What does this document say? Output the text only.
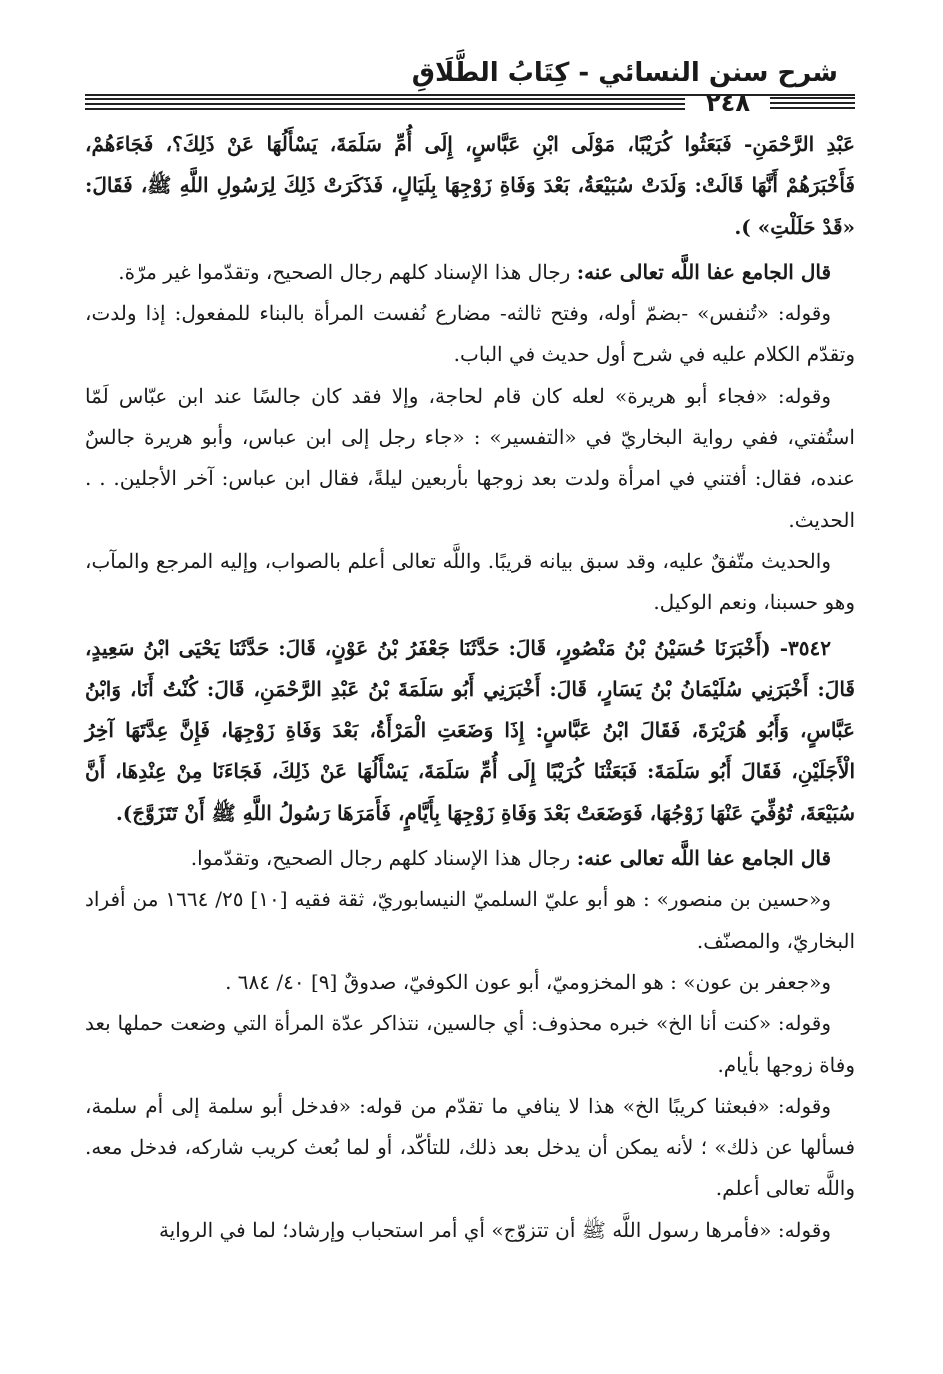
شرح سنن النسائي - كِتَابُ الطَّلَاقِ
٢٤٨

عَبْدِ الرَّحْمَنِ- فَبَعَثُوا كُرَيْبًا، مَوْلَى ابْنِ عَبَّاسٍ، إِلَى أُمِّ سَلَمَةَ، يَسْأَلُهَا عَنْ ذَلِكَ؟، فَجَاءَهُمْ، فَأَخْبَرَهُمْ أَنَّهَا قَالَتْ: وَلَدَتْ سُبَيْعَةُ، بَعْدَ وَفَاةِ زَوْجِهَا بِلَيَالٍ، فَذَكَرَتْ ذَلِكَ لِرَسُولِ اللَّهِ ﷺ، فَقَالَ: «قَدْ حَلَلْتِ» ).

قال الجامع عفا اللَّه تعالى عنه: رجال هذا الإسناد كلهم رجال الصحيح، وتقدّموا غير مرّة.

وقوله: «تُنفس» -بضمّ أوله، وفتح ثالثه- مضارع نُفست المرأة بالبناء للمفعول: إذا ولدت، وتقدّم الكلام عليه في شرح أول حديث في الباب.

وقوله: «فجاء أبو هريرة» لعله كان قام لحاجة، وإلا فقد كان جالسًا عند ابن عبّاس لَمّا استُفتي، ففي رواية البخاريّ في «التفسير» : «جاء رجل إلى ابن عباس، وأبو هريرة جالسٌ عنده، فقال: أفتني في امرأة ولدت بعد زوجها بأربعين ليلةً، فقال ابن عباس: آخر الأجلين. . . الحديث.

والحديث متّفقٌ عليه، وقد سبق بيانه قريبًا. واللَّه تعالى أعلم بالصواب، وإليه المرجع والمآب، وهو حسبنا، ونعم الوكيل.

٣٥٤٢- (أَخْبَرَنَا حُسَيْنُ بْنُ مَنْصُورٍ، قَالَ: حَدَّثَنَا جَعْفَرُ بْنُ عَوْنٍ، قَالَ: حَدَّثَنَا يَحْيَى ابْنُ سَعِيدٍ، قَالَ: أَخْبَرَنِي سُلَيْمَانُ بْنُ يَسَارٍ، قَالَ: أَخْبَرَنِي أَبُو سَلَمَةَ بْنُ عَبْدِ الرَّحْمَنِ، قَالَ: كُنْتُ أَنَا، وَابْنُ عَبَّاسٍ، وَأَبُو هُرَيْرَةَ، فَقَالَ ابْنُ عَبَّاسٍ: إِذَا وَضَعَتِ الْمَرْأَةُ، بَعْدَ وَفَاةِ زَوْجِهَا، فَإِنَّ عِدَّتَهَا آخِرُ الْأَجَلَيْنِ، فَقَالَ أَبُو سَلَمَةَ: فَبَعَثْنَا كُرَيْبًا إِلَى أُمِّ سَلَمَةَ، يَسْأَلُهَا عَنْ ذَلِكَ، فَجَاءَنَا مِنْ عِنْدِهَا، أَنَّ سُبَيْعَةَ، تُوُفِّيَ عَنْهَا زَوْجُهَا، فَوَضَعَتْ بَعْدَ وَفَاةِ زَوْجِهَا بِأَيَّامٍ، فَأَمَرَهَا رَسُولُ اللَّهِ ﷺ أَنْ تَتَزَوَّجَ).

قال الجامع عفا اللَّه تعالى عنه: رجال هذا الإسناد كلهم رجال الصحيح، وتقدّموا.

و«حسين بن منصور» : هو أبو عليّ السلميّ النيسابوريّ، ثقة فقيه [١٠] ٢٥/ ١٦٦٤ من أفراد البخاريّ، والمصنّف.

و«جعفر بن عون» : هو المخزوميّ، أبو عون الكوفيّ، صدوقٌ [٩] ٤٠/ ٦٨٤ .

وقوله: «كنت أنا الخ» خبره محذوف: أي جالسين، نتذاكر عدّة المرأة التي وضعت حملها بعد وفاة زوجها بأيام.

وقوله: «فبعثنا كريبًا الخ» هذا لا ينافي ما تقدّم من قوله: «فدخل أبو سلمة إلى أم سلمة، فسألها عن ذلك» ؛ لأنه يمكن أن يدخل بعد ذلك، للتأكّد، أو لما بُعث كريب شاركه، فدخل معه. واللَّه تعالى أعلم.

وقوله: «فأمرها رسول اللَّه ﷺ أن تتزوّج» أي أمر استحباب وإرشاد؛ لما في الرواية
